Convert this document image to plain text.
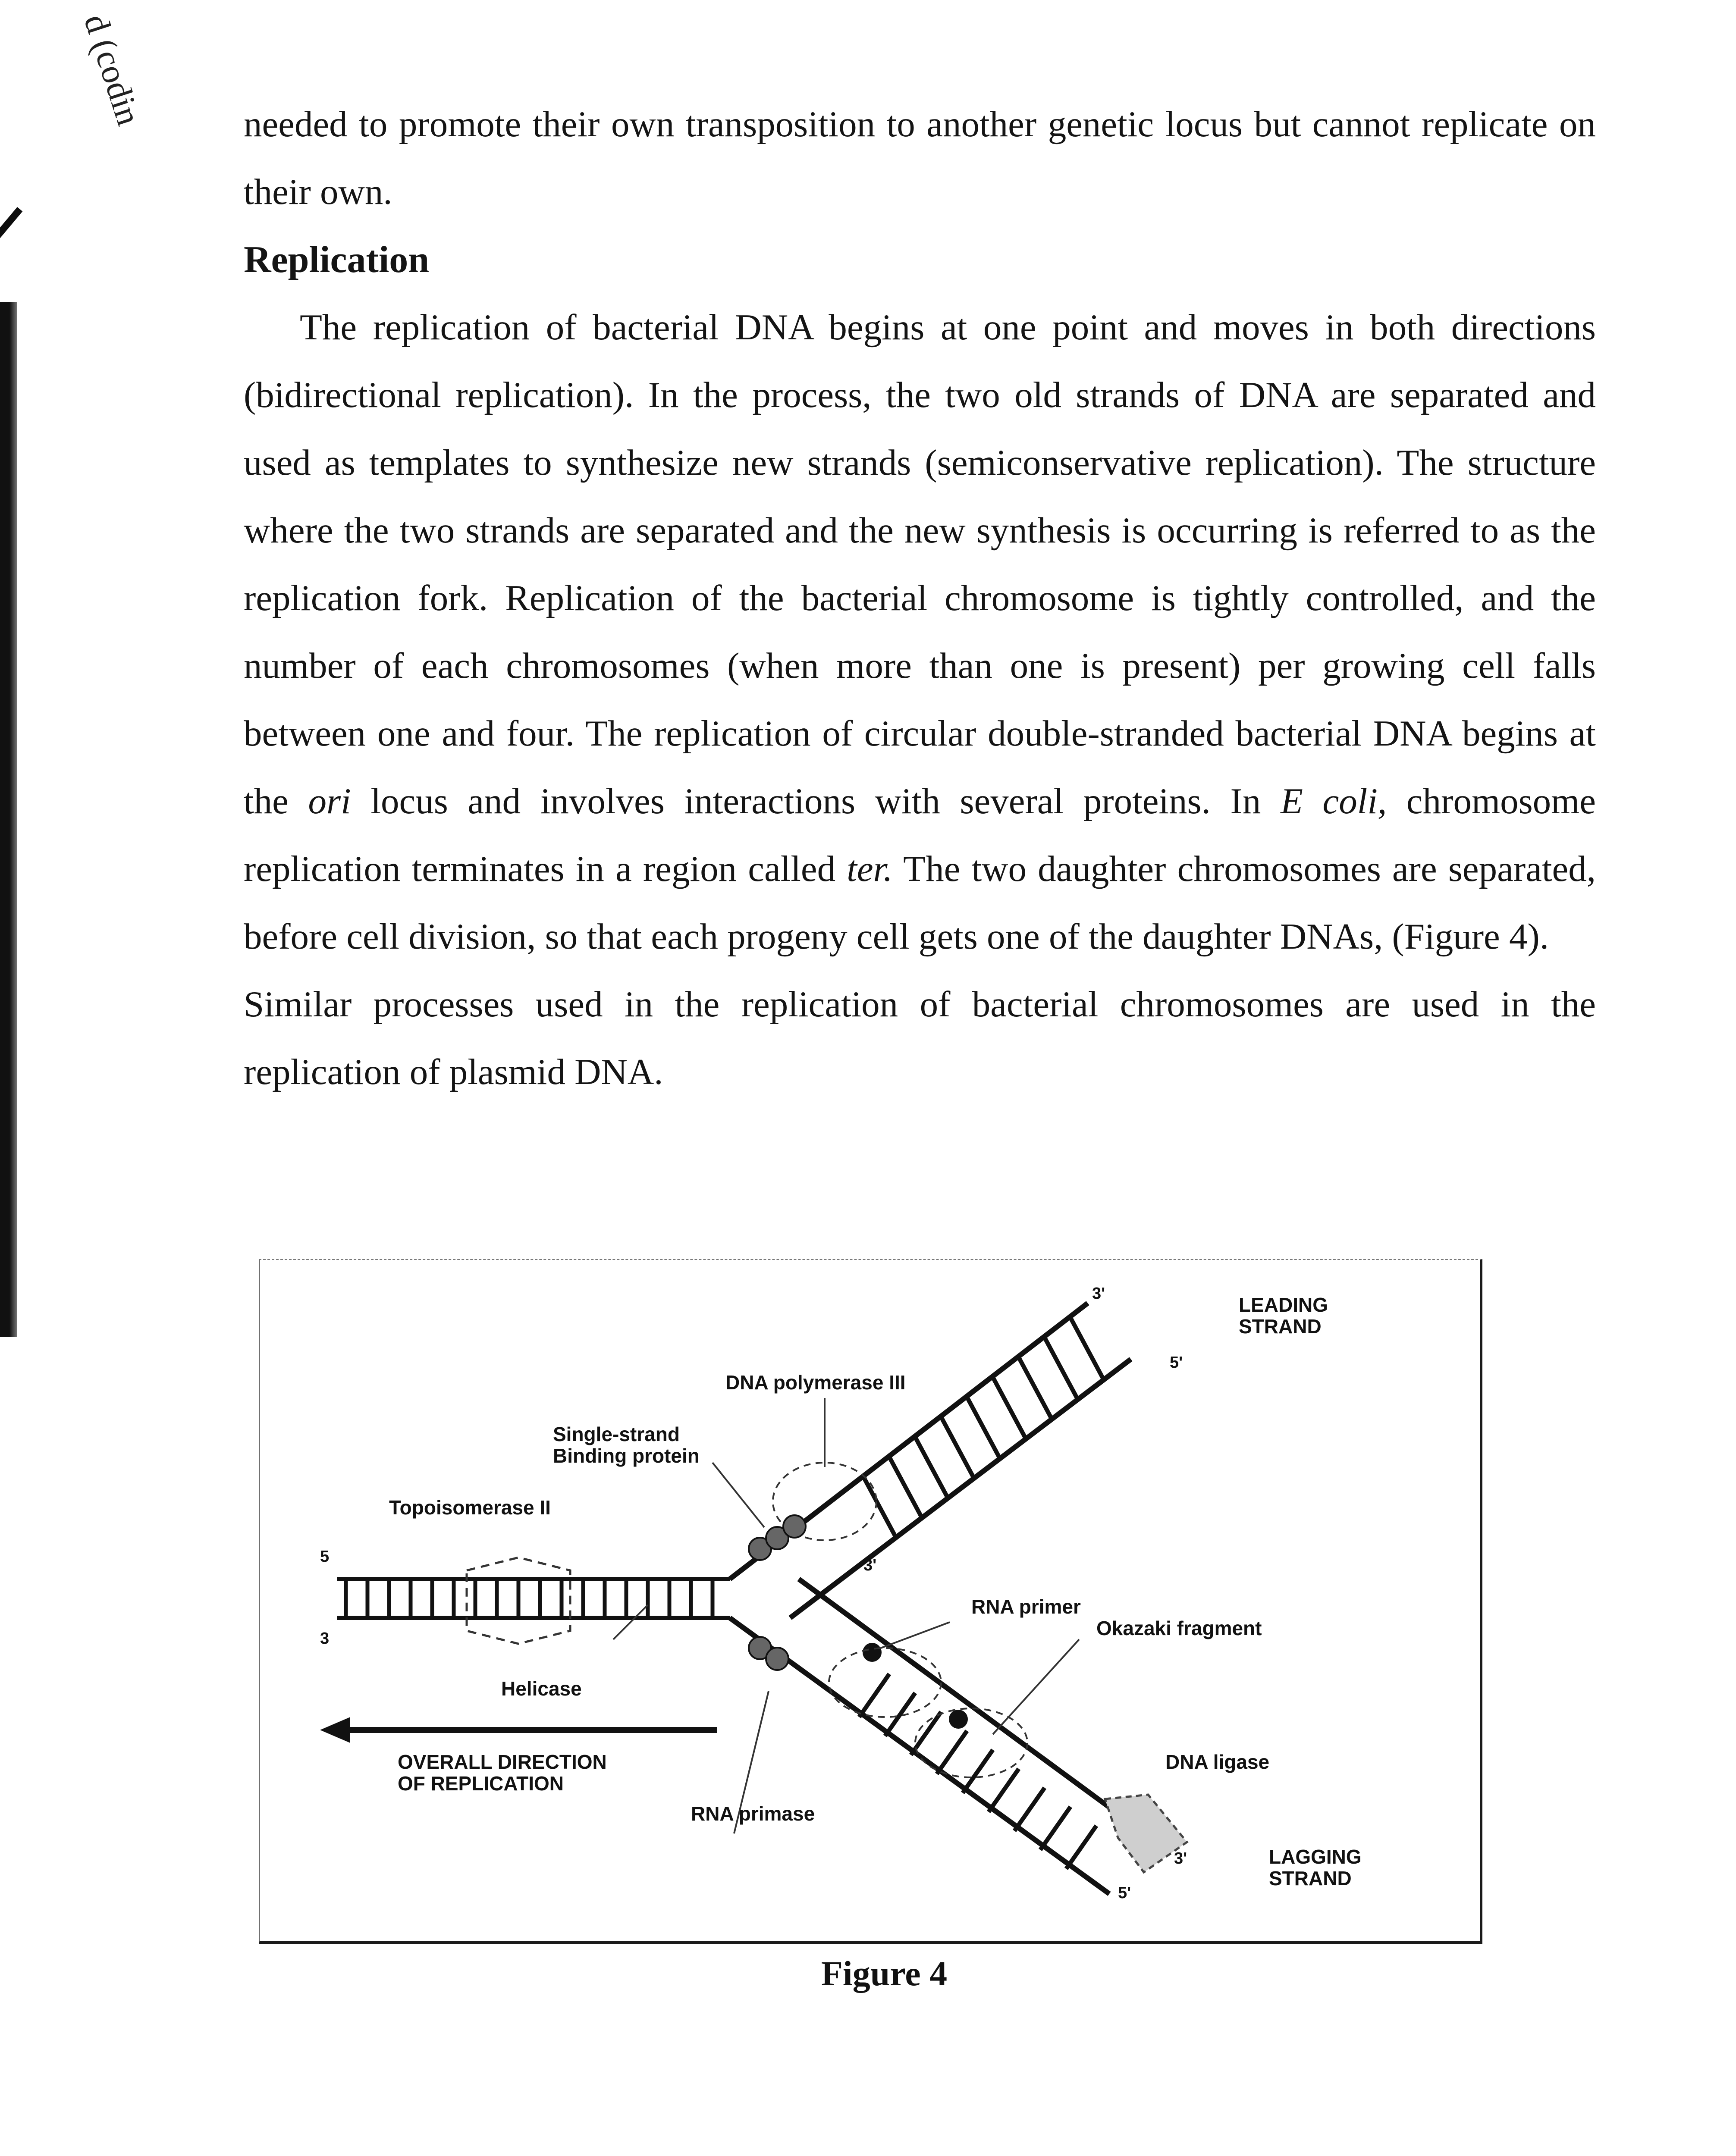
d (codin	needed to promote their own transposition to another genetic locus but cannot replicate on their own.

Replication

The replication of bacterial DNA begins at one point and moves in both directions (bidirectional replication). In the process, the two old strands of DNA are separated and used as templates to synthesize new strands (semiconservative replication). The structure where the two strands are separated and the new synthesis is occurring is referred to as the replication fork. Replication of the bacterial chromosome is tightly controlled, and the number of each chromosomes (when more than one is present) per growing cell falls between one and four. The replication of circular double-stranded bacterial DNA begins at the ori locus and involves interactions with several proteins. In E coli, chromosome replication terminates in a region called ter. The two daughter chromosomes are separated, before cell division, so that each progeny cell gets one of the daughter DNAs, (Figure 4).

Similar processes used in the replication of bacterial chromosomes are used in the replication of plasmid DNA.

LEADING
STRAND
DNA polymerase III
Single-strand
Binding protein
Topoisomerase II
Helicase
RNA primer
Okazaki fragment
OVERALL DIRECTION
OF REPLICATION
RNA primase
DNA ligase
LAGGING
STRAND
5
3
3'
5'
3'
3'
5'
Figure 4
